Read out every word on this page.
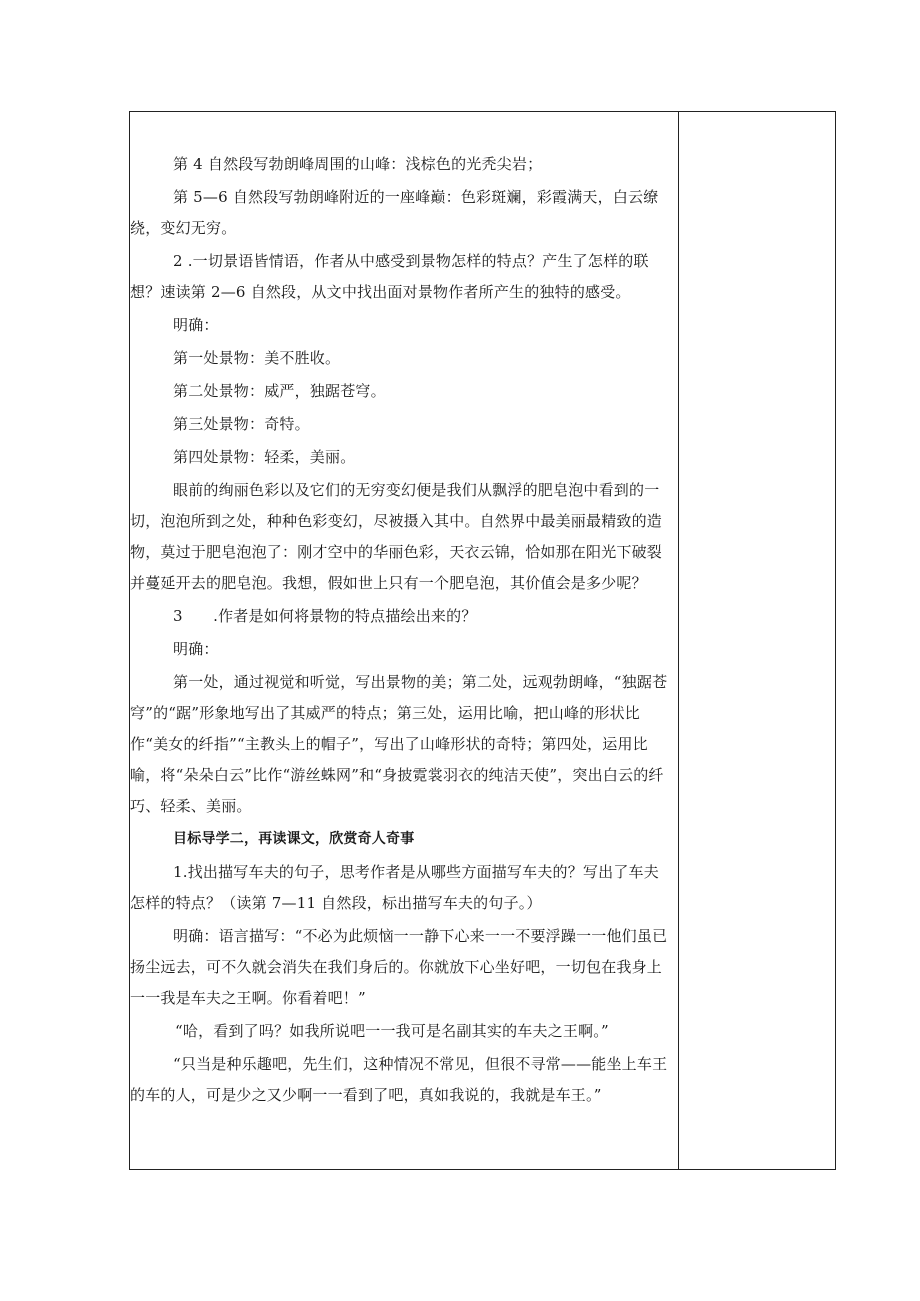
第 4 自然段写勃朗峰周围的山峰：浅棕色的光秃尖岩；

第 5—6 自然段写勃朗峰附近的一座峰巅：色彩斑斓，彩霞满天，白云缭绕，变幻无穷。

2 .一切景语皆情语，作者从中感受到景物怎样的特点？产生了怎样的联想？速读第 2—6 自然段，从文中找出面对景物作者所产生的独特的感受。

明确：

第一处景物：美不胜收。

第二处景物：威严，独踞苍穹。

第三处景物：奇特。

第四处景物：轻柔，美丽。

眼前的绚丽色彩以及它们的无穷变幻便是我们从飘浮的肥皂泡中看到的一切，泡泡所到之处，种种色彩变幻，尽被摄入其中。自然界中最美丽最精致的造物，莫过于肥皂泡泡了：刚才空中的华丽色彩，天衣云锦，恰如那在阳光下破裂并蔓延开去的肥皂泡。我想，假如世上只有一个肥皂泡，其价值会是多少呢？

3　　.作者是如何将景物的特点描绘出来的？

明确：

第一处，通过视觉和听觉，写出景物的美；第二处，远观勃朗峰，“独踞苍穹”的“踞”形象地写出了其威严的特点；第三处，运用比喻，把山峰的形状比作“美女的纤指”“主教头上的帽子”，写出了山峰形状的奇特；第四处，运用比喻，将“朵朵白云”比作“游丝蛛网”和“身披霓裳羽衣的纯洁天使”，突出白云的纤巧、轻柔、美丽。

目标导学二，再读课文，欣赏奇人奇事

1.找出描写车夫的句子，思考作者是从哪些方面描写车夫的？写出了车夫怎样的特点？（读第 7—11 自然段，标出描写车夫的句子。）

明确：语言描写：“不必为此烦恼一一静下心来一一不要浮躁一一他们虽已扬尘远去，可不久就会消失在我们身后的。你就放下心坐好吧，一切包在我身上一一我是车夫之王啊。你看着吧！”

“哈，看到了吗？如我所说吧一一我可是名副其实的车夫之王啊。”

“只当是种乐趣吧，先生们，这种情况不常见，但很不寻常——能坐上车王的车的人，可是少之又少啊一一看到了吧，真如我说的，我就是车王。”
